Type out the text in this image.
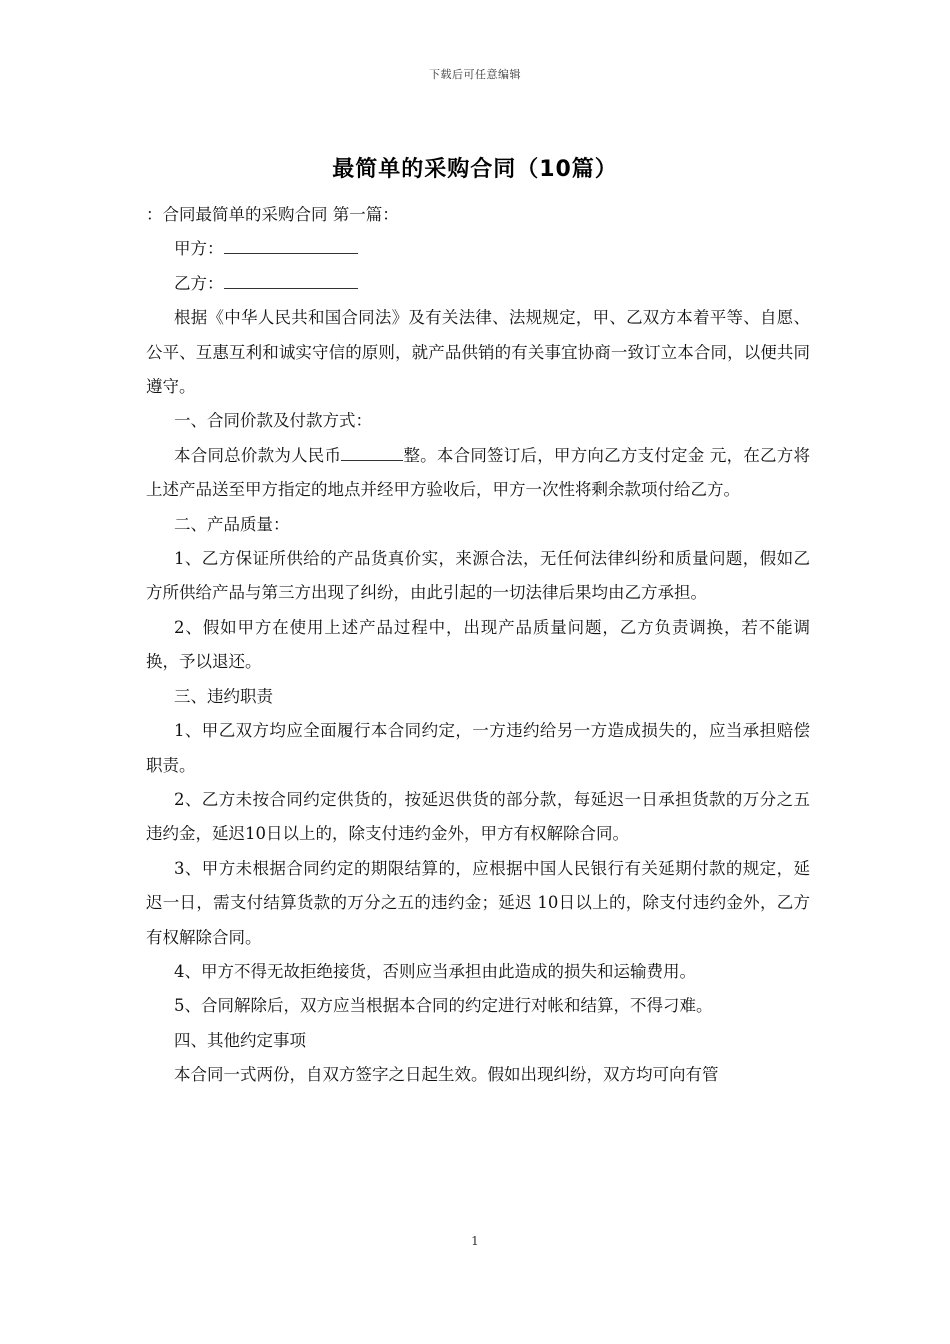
下载后可任意编辑
最简单的采购合同（10篇）

：合同最简单的采购合同 第一篇：

甲方：

乙方：

根据《中华人民共和国合同法》及有关法律、法规规定，甲、乙双方本着平等、自愿、公平、互惠互利和诚实守信的原则，就产品供销的有关事宜协商一致订立本合同，以便共同遵守。

一、合同价款及付款方式：

本合同总价款为人民币	整。本合同签订后，甲方向乙方支付定金 元，在乙方将上述产品送至甲方指定的地点并经甲方验收后，甲方一次性将剩余款项付给乙方。

二、产品质量：

1、乙方保证所供给的产品货真价实，来源合法，无任何法律纠纷和质量问题，假如乙方所供给产品与第三方出现了纠纷，由此引起的一切法律后果均由乙方承担。

2、假如甲方在使用上述产品过程中，出现产品质量问题，乙方负责调换，若不能调换，予以退还。

三、违约职责

1、甲乙双方均应全面履行本合同约定，一方违约给另一方造成损失的，应当承担赔偿职责。

2、乙方未按合同约定供货的，按延迟供货的部分款，每延迟一日承担货款的万分之五违约金，延迟10日以上的，除支付违约金外，甲方有权解除合同。

3、甲方未根据合同约定的期限结算的，应根据中国人民银行有关延期付款的规定，延迟一日，需支付结算货款的万分之五的违约金；延迟 10日以上的，除支付违约金外，乙方有权解除合同。

4、甲方不得无故拒绝接货，否则应当承担由此造成的损失和运输费用。

5、合同解除后，双方应当根据本合同的约定进行对帐和结算，不得刁难。

四、其他约定事项

本合同一式两份，自双方签字之日起生效。假如出现纠纷，双方均可向有管

1
